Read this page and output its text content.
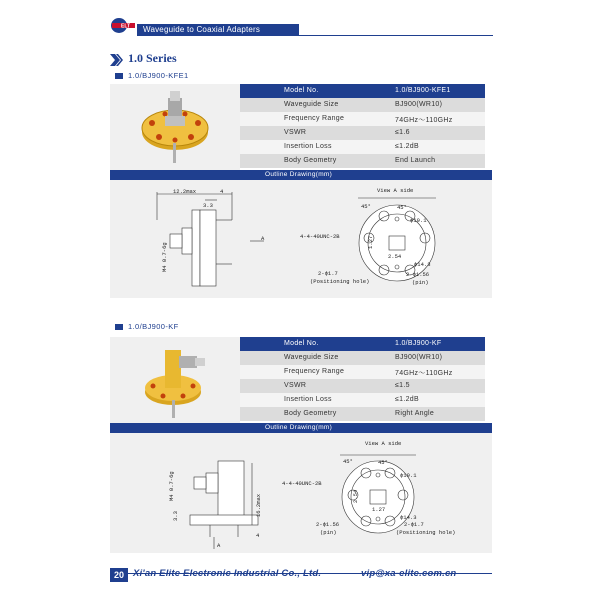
ELT	Waveguide to Coaxial Adapters
1.0 Series
1.0/BJ900-KFE1
Model No.	1.0/BJ900-KFE1
Waveguide Size	BJ900(WR10)
Frequency Range	74GHz～110GHz
VSWR	≤1.6
Insertion Loss	≤1.2dB
Body Geometry	End Launch
Outline Drawing(mm)
12.2max	4
3.3
M4 0.7-6g
A
View A side
45°	45°
ϕ19.1
4-4-40UNC-2B	1.27
2.54
ϕ14.3
2-ϕ1.7
(Positioning hole)
2-ϕ1.56
(pin)
1.0/BJ900-KF
Model No.	1.0/BJ900-KF
Waveguide Size	BJ900(WR10)
Frequency Range	74GHz～110GHz
VSWR	≤1.5
Insertion Loss	≤1.2dB
Body Geometry	Right Angle
Outline Drawing(mm)
M4 0.7-6g
16.2max
3.3
4
A
View A side
45°	45°
ϕ19.1
4-4-40UNC-2B
2.54
1.27
ϕ14.3
2-ϕ1.56
(pin)
2-ϕ1.7
(Positioning hole)
20 Xi'an Elite Electronic Industrial Co., Ltd.	vip@xa-elite.com.cn
